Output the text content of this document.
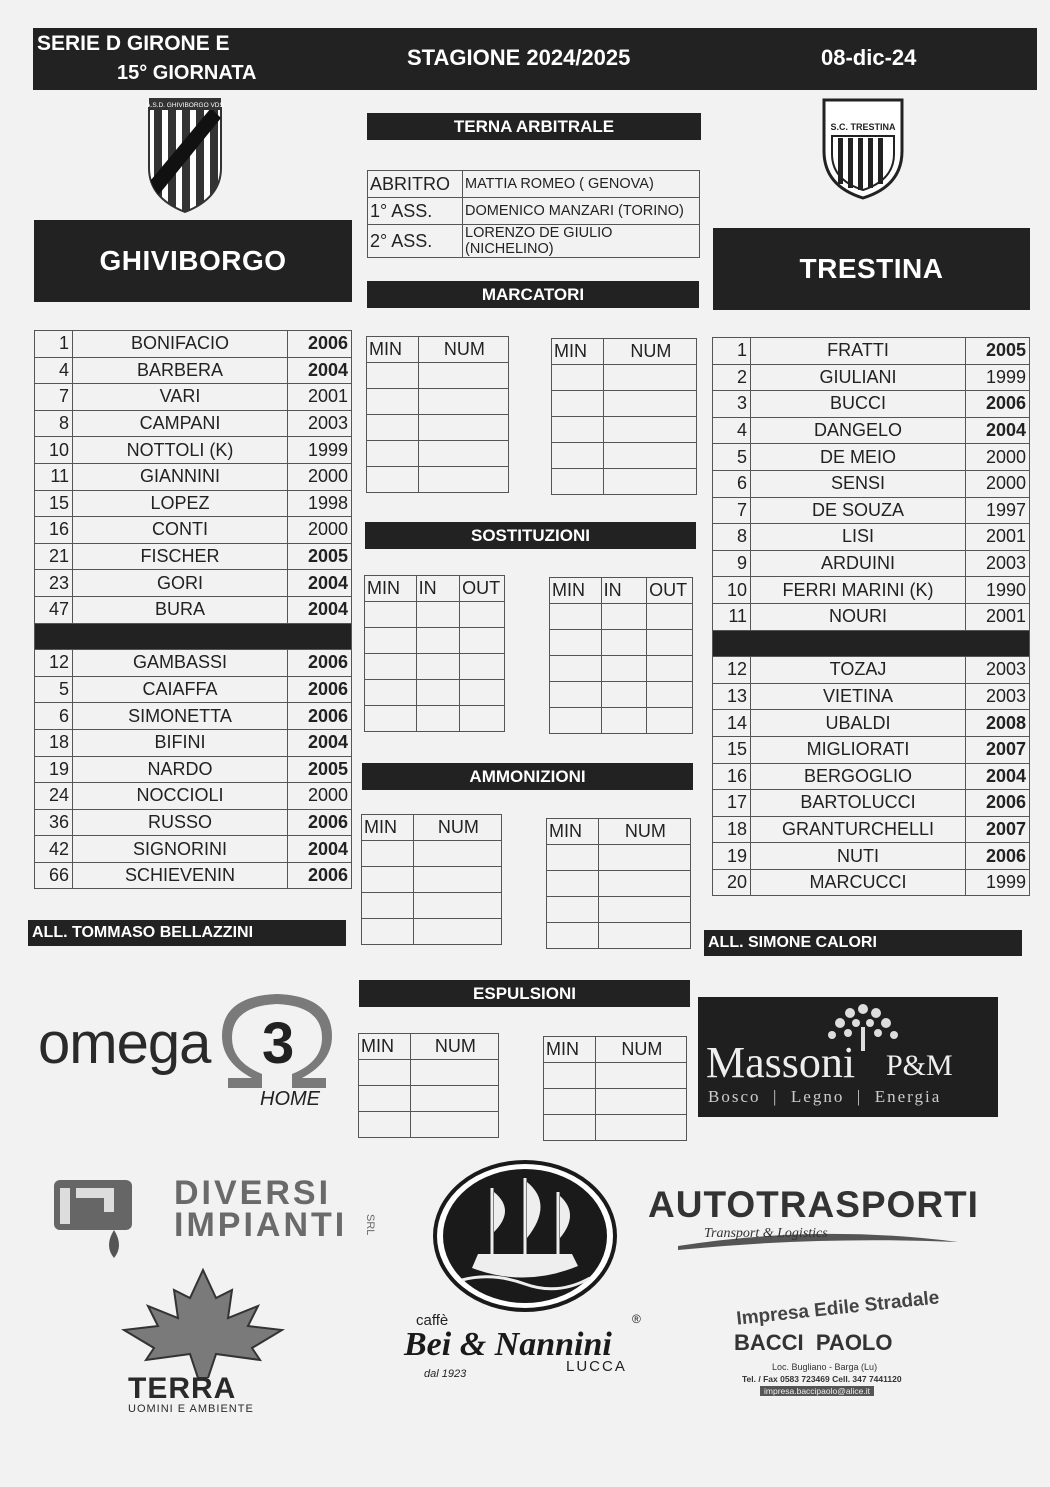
SERIE D GIRONE E
15° GIORNATA
STAGIONE 2024/2025	08-dic-24
A.S.D. GHIVIBORGO VDS
S.C. TRESTINA
GHIVIBORGO	TRESTINA
1	BONIFACIO	2006
4	BARBERA	2004
7	VARI	2001
8	CAMPANI	2003
10	NOTTOLI (K)	1999
11	GIANNINI	2000
15	LOPEZ	1998
16	CONTI	2000
21	FISCHER	2005
23	GORI	2004
47	BURA	2004

12	GAMBASSI	2006
5	CAIAFFA	2006
6	SIMONETTA	2006
18	BIFINI	2004
19	NARDO	2005
24	NOCCIOLI	2000
36	RUSSO	2006
42	SIGNORINI	2004
66	SCHIEVENIN	2006
1	FRATTI	2005
2	GIULIANI	1999
3	BUCCI	2006
4	DANGELO	2004
5	DE MEIO	2000
6	SENSI	2000
7	DE SOUZA	1997
8	LISI	2001
9	ARDUINI	2003
10	FERRI MARINI (K)	1990
11	NOURI	2001

12	TOZAJ	2003
13	VIETINA	2003
14	UBALDI	2008
15	MIGLIORATI	2007
16	BERGOGLIO	2004
17	BARTOLUCCI	2006
18	GRANTURCHELLI	2007
19	NUTI	2006
20	MARCUCCI	1999
ALL. TOMMASO BELLAZZINI
ALL. SIMONE CALORI
TERNA ARBITRALE
ABRITRO	MATTIA ROMEO ( GENOVA)
1° ASS.	DOMENICO MANZARI (TORINO)
2° ASS.	LORENZO DE GIULIO (NICHELINO)
MARCATORI
MIN	NUM

		MIN	NUM

SOSTITUZIONI
MIN	IN	OUT

			MIN	IN	OUT

AMMONIZIONI
MIN	NUM

		MIN	NUM

ESPULSIONI
MIN	NUM

		MIN	NUM

omega 3
HOME
Massoni P&M
Bosco  |  Legno  |  Energia
DIVERSI
IMPIANTI SRL	AUTOTRASPORTI
Transport & Logistics
TERRA
UOMINI E AMBIENTE
caffè
Bei & Nannini
®
dal 1923	LUCCA
Impresa Edile Stradale
BACCI  PAOLO
Loc. Bugliano - Barga (Lu)
Tel. / Fax 0583 723469 Cell. 347 7441120
impresa.baccipaolo@alice.it
